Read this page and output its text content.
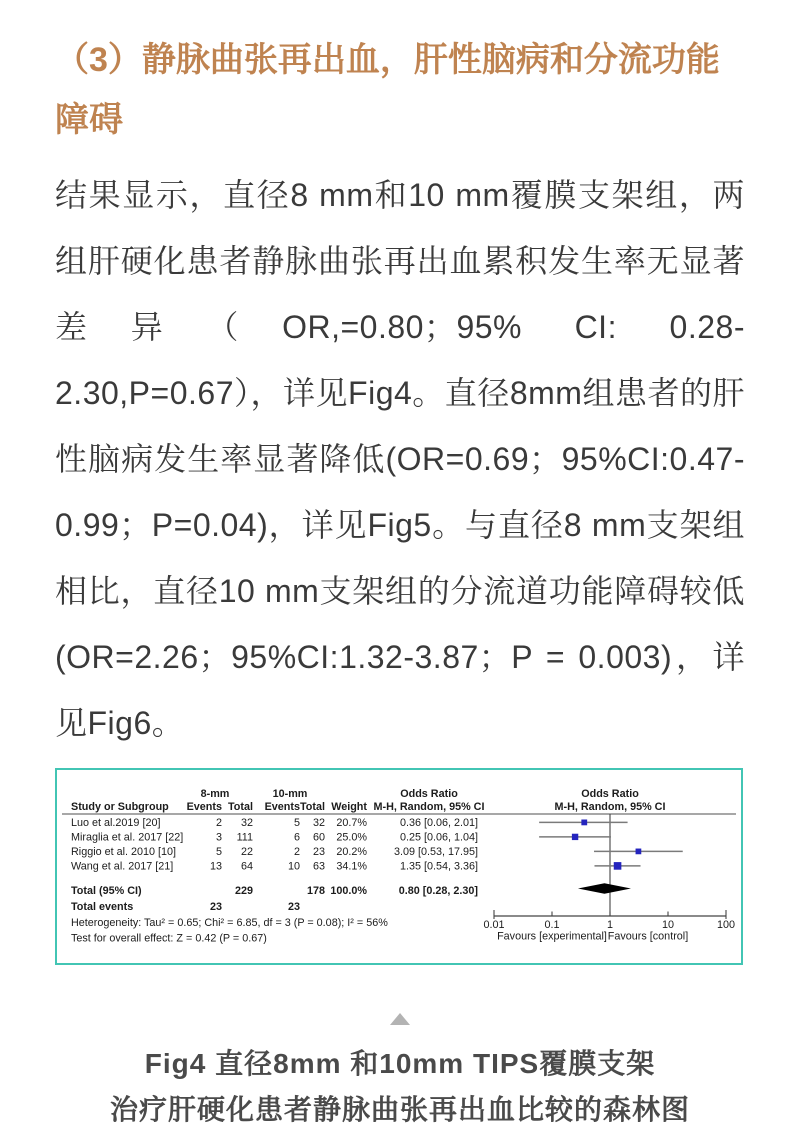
（3）静脉曲张再出血，肝性脑病和分流功能障碍

结果显示，直径8 mm和10 mm覆膜支架组，两组肝硬化患者静脉曲张再出血累积发生率无显著差异（OR,=0.80；95% CI: 0.28-2.30,P=0.67），详见Fig4。直径8mm组患者的肝性脑病发生率显著降低(OR=0.69；95%CI:0.47-0.99；P=0.04)，详见Fig5。与直径8 mm支架组相比，直径10 mm支架组的分流道功能障碍较低(OR=2.26；95%CI:1.32-3.87；P = 0.003)，详见Fig6。

8-mm	10-mm	Odds Ratio	Odds Ratio
Study or Subgroup Events Total Events Total Weight M-H, Random, 95% CI	M-H, Random, 95% CI
Luo et al.2019 [20]	2 32	5 32 20.7%	0.36 [0.06, 2.01]
Miraglia et al. 2017 [22]	3 111	6 60 25.0%	0.25 [0.06, 1.04]
Riggio et al. 2010 [10]	5 22	2 23 20.2% 3.09 [0.53, 17.95]
Wang et al. 2017 [21]	13 64	10 63 34.1%	1.35 [0.54, 3.36]
Total (95% CI)	229	178 100.0%	0.80 [0.28, 2.30]
Total events	23	23
Heterogeneity: Tau² = 0.65; Chi² = 6.85, df = 3 (P = 0.08); I² = 56%
Test for overall effect: Z = 0.42 (P = 0.67)
0.01	0.1	1	10	100
Favours [experimental] Favours [control]
Fig4 直径8mm 和10mm TIPS覆膜支架
治疗肝硬化患者静脉曲张再出血比较的森林图
